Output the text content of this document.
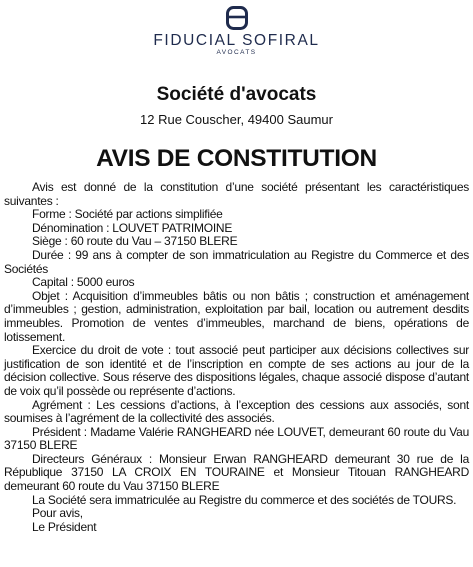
FIDUCIAL SOFIRAL
AVOCATS
Société d'avocats
12 Rue Couscher, 49400 Saumur
AVIS DE CONSTITUTION

Avis est donné de la constitution d’une société présentant les caractéristiques suivantes :

Forme : Société par actions simplifiée

Dénomination : LOUVET PATRIMOINE

Siège : 60 route du Vau – 37150 BLERE

Durée : 99 ans à compter de son immatriculation au Registre du Commerce et des Sociétés

Capital : 5000 euros

Objet : Acquisition d’immeubles bâtis ou non bâtis ; construction et aménagement d’immeubles ; gestion, administration, exploitation par bail, location ou autrement desdits immeubles. Promotion de ventes d’immeubles, marchand de biens, opérations de lotissement.

Exercice du droit de vote : tout associé peut participer aux décisions collectives sur justification de son identité et de l’inscription en compte de ses actions au jour de la décision collective. Sous réserve des dispositions légales, chaque associé dispose d’autant de voix qu’il possède ou représente d’actions.

Agrément : Les cessions d’actions, à l’exception des cessions aux associés, sont soumises à l’agrément de la collectivité des associés.

Président : Madame Valérie RANGHEARD née LOUVET, demeurant 60 route du Vau 37150 BLERE

Directeurs Généraux : Monsieur Erwan RANGHEARD demeurant 30 rue de la République 37150 LA CROIX EN TOURAINE et Monsieur Titouan RANGHEARD demeurant 60 route du Vau 37150 BLERE

La Société sera immatriculée au Registre du commerce et des sociétés de TOURS.

Pour avis,

Le Président
